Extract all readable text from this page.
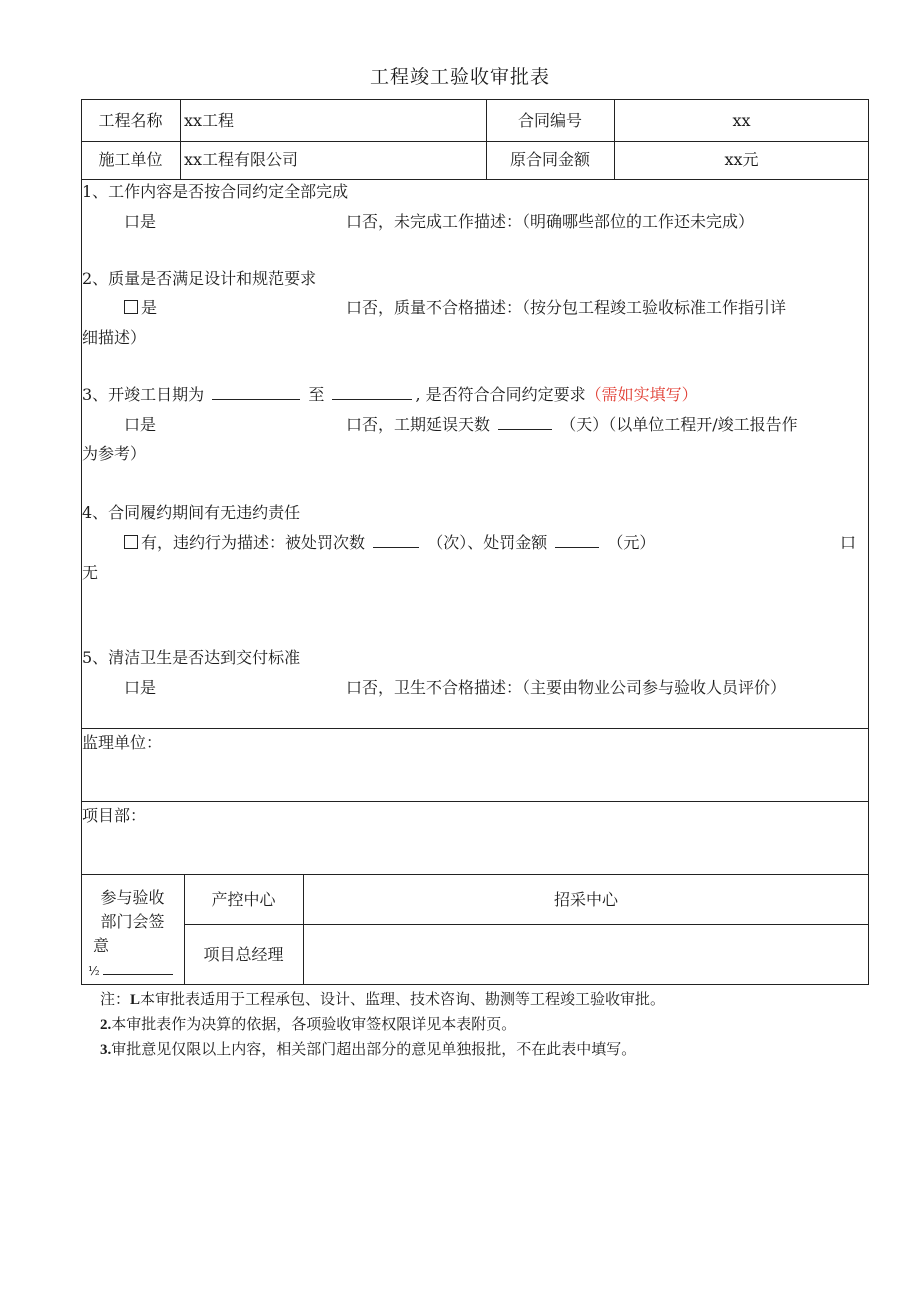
工程竣工验收审批表
工程名称	xx工程	合同编号	xx
施工单位	xx工程有限公司	原合同金额	xx元
1、工作内容是否按合同约定全部完成
口是	口否，未完成工作描述：（明确哪些部位的工作还未完成）
2、质量是否满足设计和规范要求
是	口否，质量不合格描述：（按分包工程竣工验收标准工作指引详
细描述）
3、开竣工日期为	至	, 是否符合合同约定要求（需如实填写）
口是	口否，工期延误天数	（天）（以单位工程开/竣工报告作
为参考）
4、合同履约期间有无违约责任
有，违约行为描述：被处罚次数	（次）、处罚金额	（元）	口
无
5、清洁卫生是否达到交付标准
口是	口否，卫生不合格描述：（主要由物业公司参与验收人员评价）
监理单位：
项目部：
参与验收
部门会签
意
½
产控中心	招采中心
项目总经理
注：L本审批表适用于工程承包、设计、监理、技术咨询、勘测等工程竣工验收审批。
2.本审批表作为决算的依据，各项验收审签权限详见本表附页。
3.审批意见仅限以上内容，相关部门超出部分的意见单独报批，不在此表中填写。
